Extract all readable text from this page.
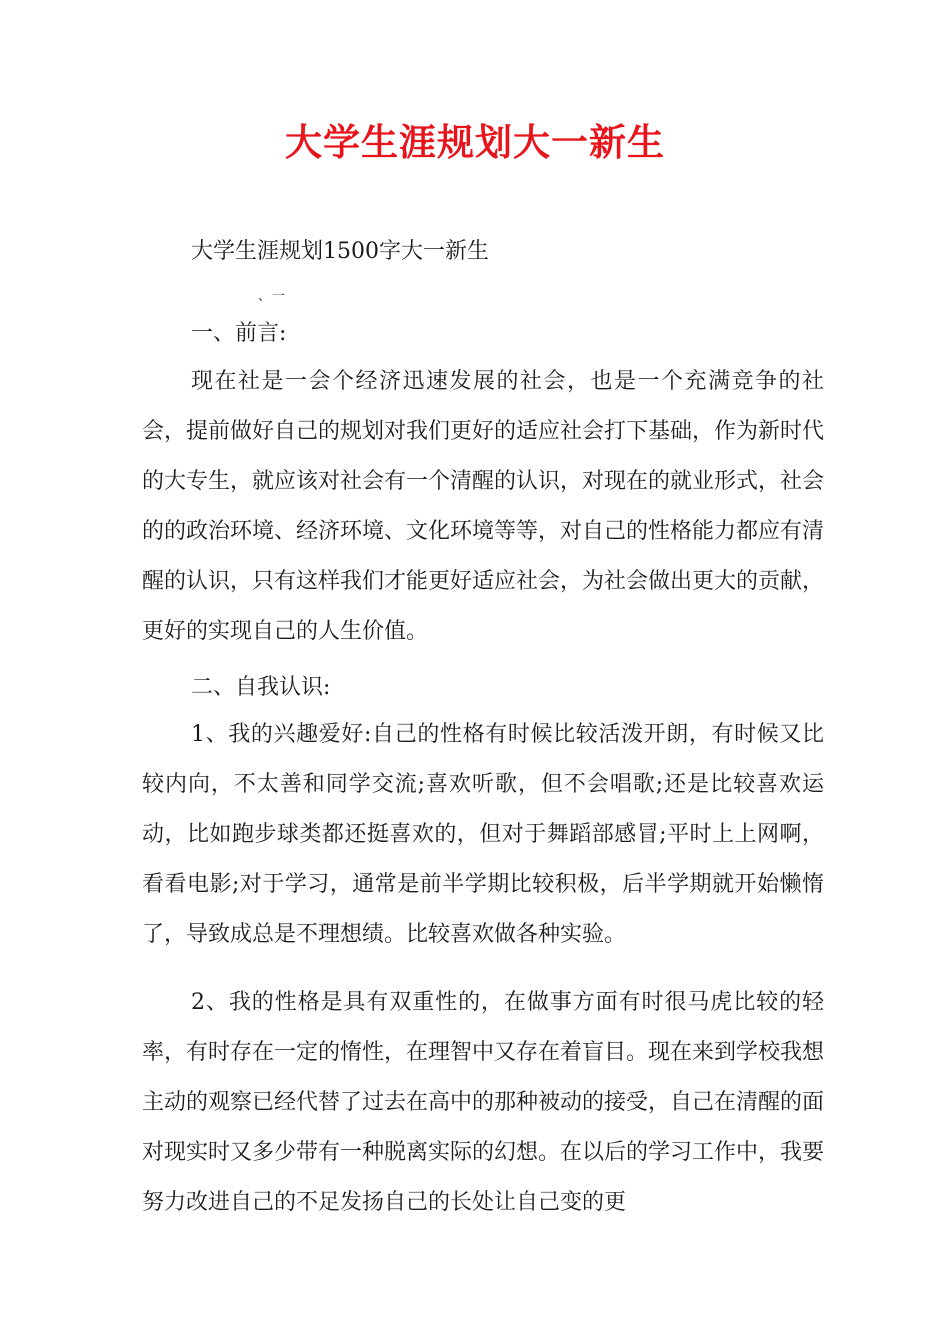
大学生涯规划大一新生

大学生涯规划1500字大一新生

、一

一、前言:

现在社是一会个经济迅速发展的社会，也是一个充满竞争的社会，提前做好自己的规划对我们更好的适应社会打下基础，作为新时代的大专生，就应该对社会有一个清醒的认识，对现在的就业形式，社会的的政治环境、经济环境、文化环境等等，对自己的性格能力都应有清醒的认识，只有这样我们才能更好适应社会，为社会做出更大的贡献，更好的实现自己的人生价值。

二、自我认识:

1、我的兴趣爱好:自己的性格有时候比较活泼开朗，有时候又比较内向，不太善和同学交流;喜欢听歌，但不会唱歌;还是比较喜欢运动，比如跑步球类都还挺喜欢的，但对于舞蹈部感冒;平时上上网啊，看看电影;对于学习，通常是前半学期比较积极，后半学期就开始懒惰了，导致成总是不理想绩。比较喜欢做各种实验。

2、我的性格是具有双重性的，在做事方面有时很马虎比较的轻率，有时存在一定的惰性，在理智中又存在着盲目。现在来到学校我想主动的观察已经代替了过去在高中的那种被动的接受，自己在清醒的面对现实时又多少带有一种脱离实际的幻想。在以后的学习工作中，我要努力改进自己的不足发扬自己的长处让自己变的更
